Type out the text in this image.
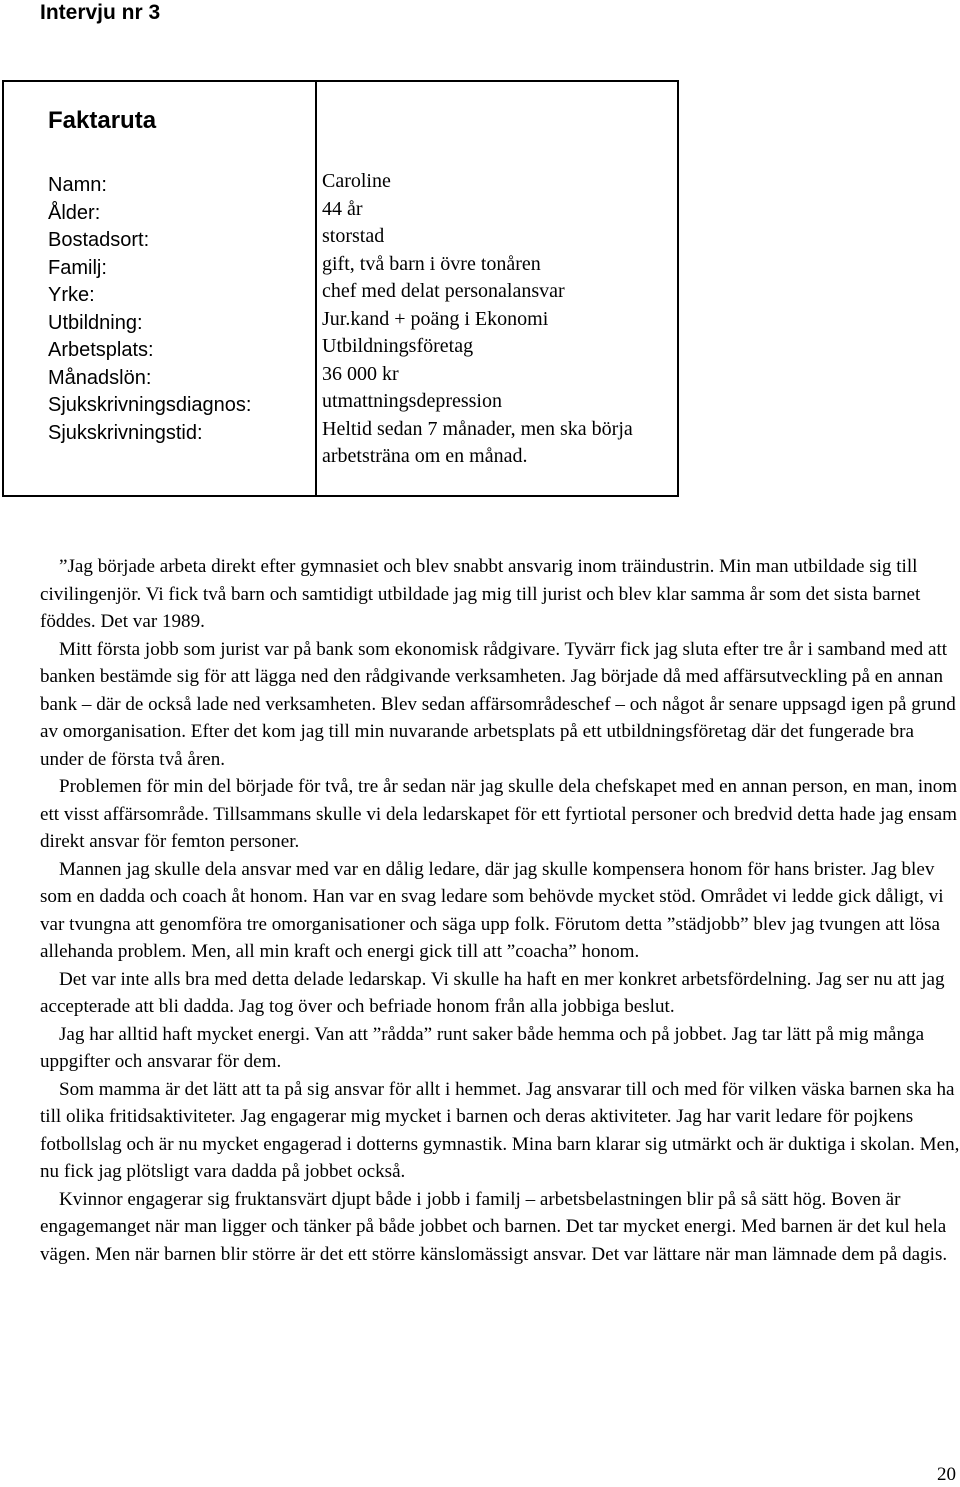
Intervju nr 3
Faktaruta
Namn:
Ålder:
Bostadsort:
Familj:
Yrke:
Utbildning:
Arbetsplats:
Månadslön:
Sjukskrivningsdiagnos:
Sjukskrivningstid:
Caroline
44 år
storstad
gift, två barn i övre tonåren
chef med delat personalansvar
Jur.kand + poäng i Ekonomi
Utbildningsföretag
36 000 kr
utmattningsdepression
Heltid sedan 7 månader, men ska börja arbetsträna om en månad.

”Jag började arbeta direkt efter gymnasiet och blev snabbt ansvarig inom träindustrin. Min man utbildade sig till civilingenjör. Vi fick två barn och samtidigt utbildade jag mig till jurist och blev klar samma år som det sista barnet föddes. Det var 1989.

Mitt första jobb som jurist var på bank som ekonomisk rådgivare. Tyvärr fick jag sluta efter tre år i samband med att banken bestämde sig för att lägga ned den rådgivande verksamheten. Jag började då med affärsutveckling på en annan bank – där de också lade ned verksamheten. Blev sedan affärsområdeschef – och något år senare uppsagd igen på grund av omorganisation. Efter det kom jag till min nuvarande arbetsplats på ett utbildningsföretag där det fungerade bra under de första två åren.

Problemen för min del började för två, tre år sedan när jag skulle dela chefskapet med en annan person, en man, inom ett visst affärsområde. Tillsammans skulle vi dela ledarskapet för ett fyrtiotal personer och bredvid detta hade jag ensam direkt ansvar för femton personer.

Mannen jag skulle dela ansvar med var en dålig ledare, där jag skulle kompensera honom för hans brister. Jag blev som en dadda och coach åt honom. Han var en svag ledare som behövde mycket stöd. Området vi ledde gick dåligt, vi var tvungna att genomföra tre omorganisationer och säga upp folk. Förutom detta ”städjobb” blev jag tvungen att lösa allehanda problem. Men, all min kraft och energi gick till att ”coacha” honom.

Det var inte alls bra med detta delade ledarskap. Vi skulle ha haft en mer konkret arbetsfördelning. Jag ser nu att jag accepterade att bli dadda. Jag tog över och befriade honom från alla jobbiga beslut.

Jag har alltid haft mycket energi. Van att ”rådda” runt saker både hemma och på jobbet. Jag tar lätt på mig många uppgifter och ansvarar för dem.

Som mamma är det lätt att ta på sig ansvar för allt i hemmet. Jag ansvarar till och med för vilken väska barnen ska ha till olika fritidsaktiviteter. Jag engagerar mig mycket i barnen och deras aktiviteter. Jag har varit ledare för pojkens fotbollslag och är nu mycket engagerad i dotterns gymnastik. Mina barn klarar sig utmärkt och är duktiga i skolan. Men, nu fick jag plötsligt vara dadda på jobbet också.

Kvinnor engagerar sig fruktansvärt djupt både i jobb i familj – arbetsbelastningen blir på så sätt hög. Boven är engagemanget när man ligger och tänker på både jobbet och barnen. Det tar mycket energi. Med barnen är det kul hela vägen. Men när barnen blir större är det ett större känslomässigt ansvar. Det var lättare när man lämnade dem på dagis.

20
